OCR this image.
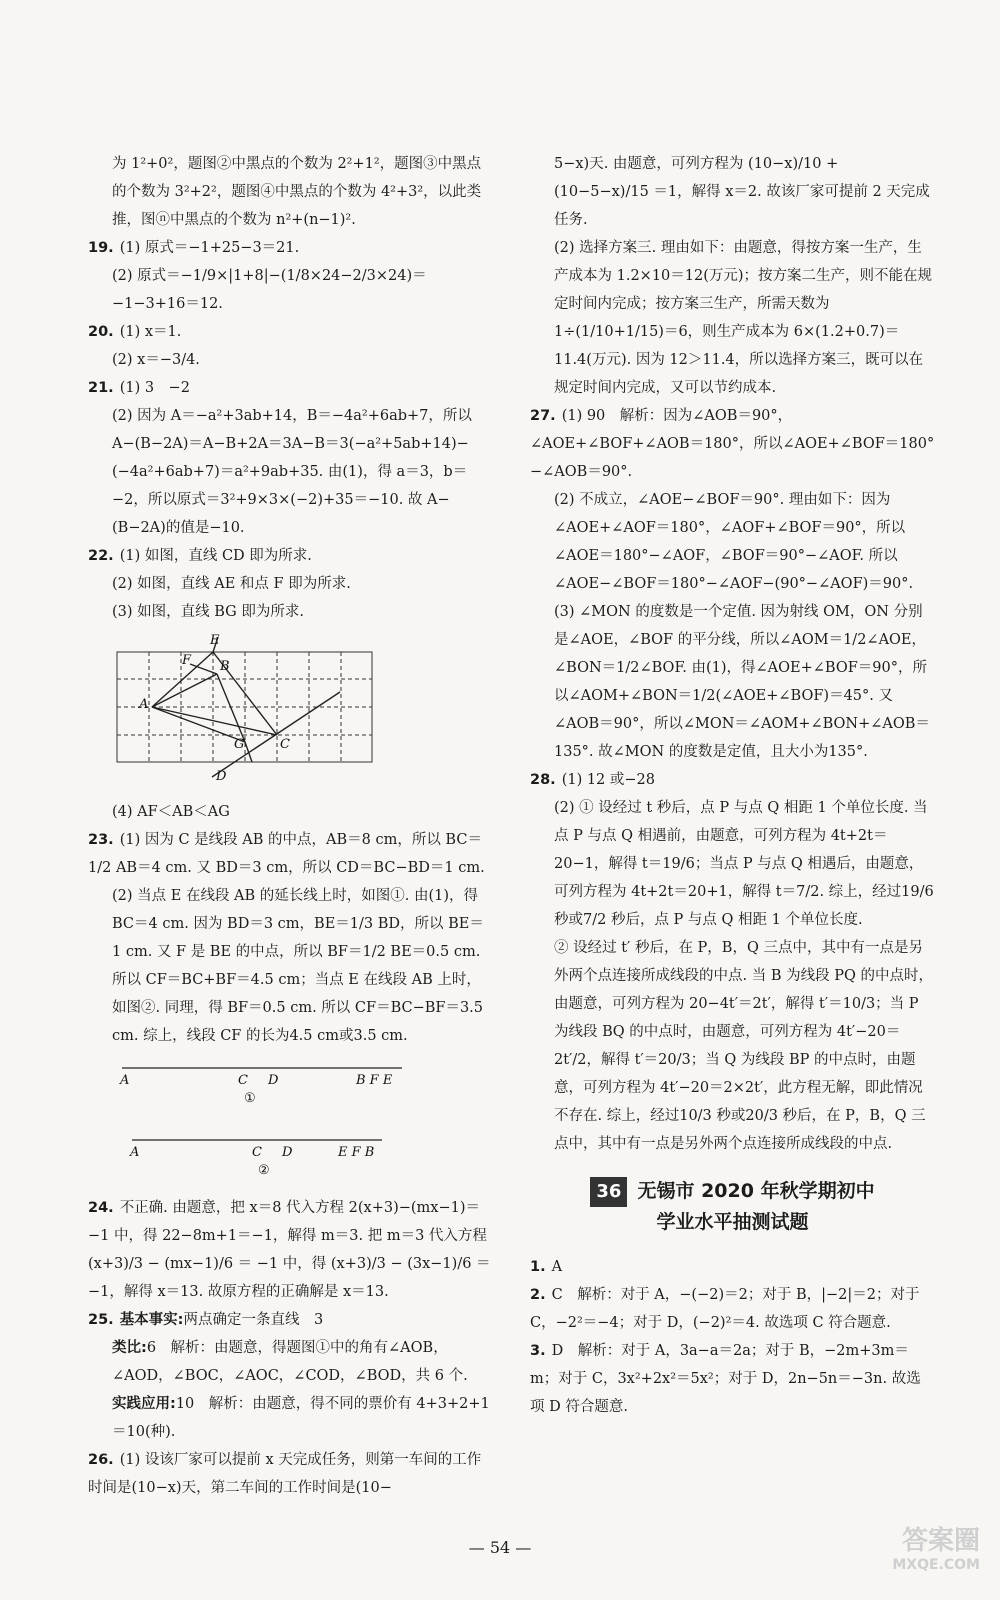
为 1²+0²，题图②中黑点的个数为 2²+1²，题图③中黑点的个数为 3²+2²，题图④中黑点的个数为 4²+3²，以此类推，图ⓝ中黑点的个数为 n²+(n−1)².

19. (1) 原式＝−1+25−3＝21.

(2) 原式＝−1/9×|1+8|−(1/8×24−2/3×24)＝−1−3+16＝12.

20. (1) x＝1.

(2) x＝−3/4.

21. (1) 3　−2

(2) 因为 A＝−a²+3ab+14，B＝−4a²+6ab+7，所以 A−(B−2A)＝A−B+2A＝3A−B＝3(−a²+5ab+14)−(−4a²+6ab+7)＝a²+9ab+35. 由(1)，得 a＝3，b＝−2，所以原式＝3²+9×3×(−2)+35＝−10. 故 A−(B−2A)的值是−10.

22. (1) 如图，直线 CD 即为所求.

(2) 如图，直线 AE 和点 F 即为所求.

(3) 如图，直线 BG 即为所求.

E
F B
A
G	C
D

(4) AF＜AB＜AG

23. (1) 因为 C 是线段 AB 的中点，AB＝8 cm，所以 BC＝1/2 AB＝4 cm. 又 BD＝3 cm，所以 CD＝BC−BD＝1 cm.

(2) 当点 E 在线段 AB 的延长线上时，如图①. 由(1)，得 BC＝4 cm. 因为 BD＝3 cm，BE＝1/3 BD，所以 BE＝1 cm. 又 F 是 BE 的中点，所以 BF＝1/2 BE＝0.5 cm. 所以 CF＝BC+BF＝4.5 cm；当点 E 在线段 AB 上时，如图②. 同理，得 BF＝0.5 cm. 所以 CF＝BC−BF＝3.5 cm. 综上，线段 CF 的长为4.5 cm或3.5 cm.

A	C D	B F E
①

A	C D	E F B
②

24. 不正确. 由题意，把 x＝8 代入方程 2(x+3)−(mx−1)＝−1 中，得 22−8m+1＝−1，解得 m＝3. 把 m＝3 代入方程 (x+3)/3 − (mx−1)/6 ＝ −1 中，得 (x+3)/3 − (3x−1)/6 ＝−1，解得 x＝13. 故原方程的正确解是 x＝13.

25. 基本事实:两点确定一条直线　3

类比:6　解析：由题意，得题图①中的角有∠AOB，∠AOD，∠BOC，∠AOC，∠COD，∠BOD，共 6 个.

实践应用:10　解析：由题意，得不同的票价有 4+3+2+1＝10(种).

26. (1) 设该厂家可以提前 x 天完成任务，则第一车间的工作时间是(10−x)天，第二车间的工作时间是(10−

5−x)天. 由题意，可列方程为 (10−x)/10 + (10−5−x)/15 ＝1，解得 x＝2. 故该厂家可提前 2 天完成任务.

(2) 选择方案三. 理由如下：由题意，得按方案一生产，生产成本为 1.2×10＝12(万元)；按方案二生产，则不能在规定时间内完成；按方案三生产，所需天数为 1÷(1/10+1/15)＝6，则生产成本为 6×(1.2+0.7)＝11.4(万元). 因为 12＞11.4，所以选择方案三，既可以在规定时间内完成，又可以节约成本.

27. (1) 90　解析：因为∠AOB＝90°，∠AOE+∠BOF+∠AOB＝180°，所以∠AOE+∠BOF＝180°−∠AOB＝90°.

(2) 不成立，∠AOE−∠BOF＝90°. 理由如下：因为∠AOE+∠AOF＝180°，∠AOF+∠BOF＝90°，所以∠AOE＝180°−∠AOF，∠BOF＝90°−∠AOF. 所以∠AOE−∠BOF＝180°−∠AOF−(90°−∠AOF)＝90°.

(3) ∠MON 的度数是一个定值. 因为射线 OM，ON 分别是∠AOE，∠BOF 的平分线，所以∠AOM＝1/2∠AOE，∠BON＝1/2∠BOF. 由(1)，得∠AOE+∠BOF＝90°，所以∠AOM+∠BON＝1/2(∠AOE+∠BOF)＝45°. 又∠AOB＝90°，所以∠MON＝∠AOM+∠BON+∠AOB＝135°. 故∠MON 的度数是定值，且大小为135°.

28. (1) 12 或−28

(2) ① 设经过 t 秒后，点 P 与点 Q 相距 1 个单位长度. 当点 P 与点 Q 相遇前，由题意，可列方程为 4t+2t＝20−1，解得 t＝19/6；当点 P 与点 Q 相遇后，由题意，可列方程为 4t+2t＝20+1，解得 t＝7/2. 综上，经过19/6 秒或7/2 秒后，点 P 与点 Q 相距 1 个单位长度.

② 设经过 t′ 秒后，在 P，B，Q 三点中，其中有一点是另外两个点连接所成线段的中点. 当 B 为线段 PQ 的中点时，由题意，可列方程为 20−4t′＝2t′，解得 t′＝10/3；当 P 为线段 BQ 的中点时，由题意，可列方程为 4t′−20＝2t′/2，解得 t′＝20/3；当 Q 为线段 BP 的中点时，由题意，可列方程为 4t′−20＝2×2t′，此方程无解，即此情况不存在. 综上，经过10/3 秒或20/3 秒后，在 P，B，Q 三点中，其中有一点是另外两个点连接所成线段的中点.

36 无锡市 2020 年秋学期初中
学业水平抽测试题

1. A

2. C　解析：对于 A，−(−2)＝2；对于 B，|−2|＝2；对于 C，−2²＝−4；对于 D，(−2)²＝4. 故选项 C 符合题意.

3. D　解析：对于 A，3a−a＝2a；对于 B，−2m+3m＝m；对于 C，3x²+2x²＝5x²；对于 D，2n−5n＝−3n. 故选项 D 符合题意.

— 54 —	答案圈
MXQE.COM
